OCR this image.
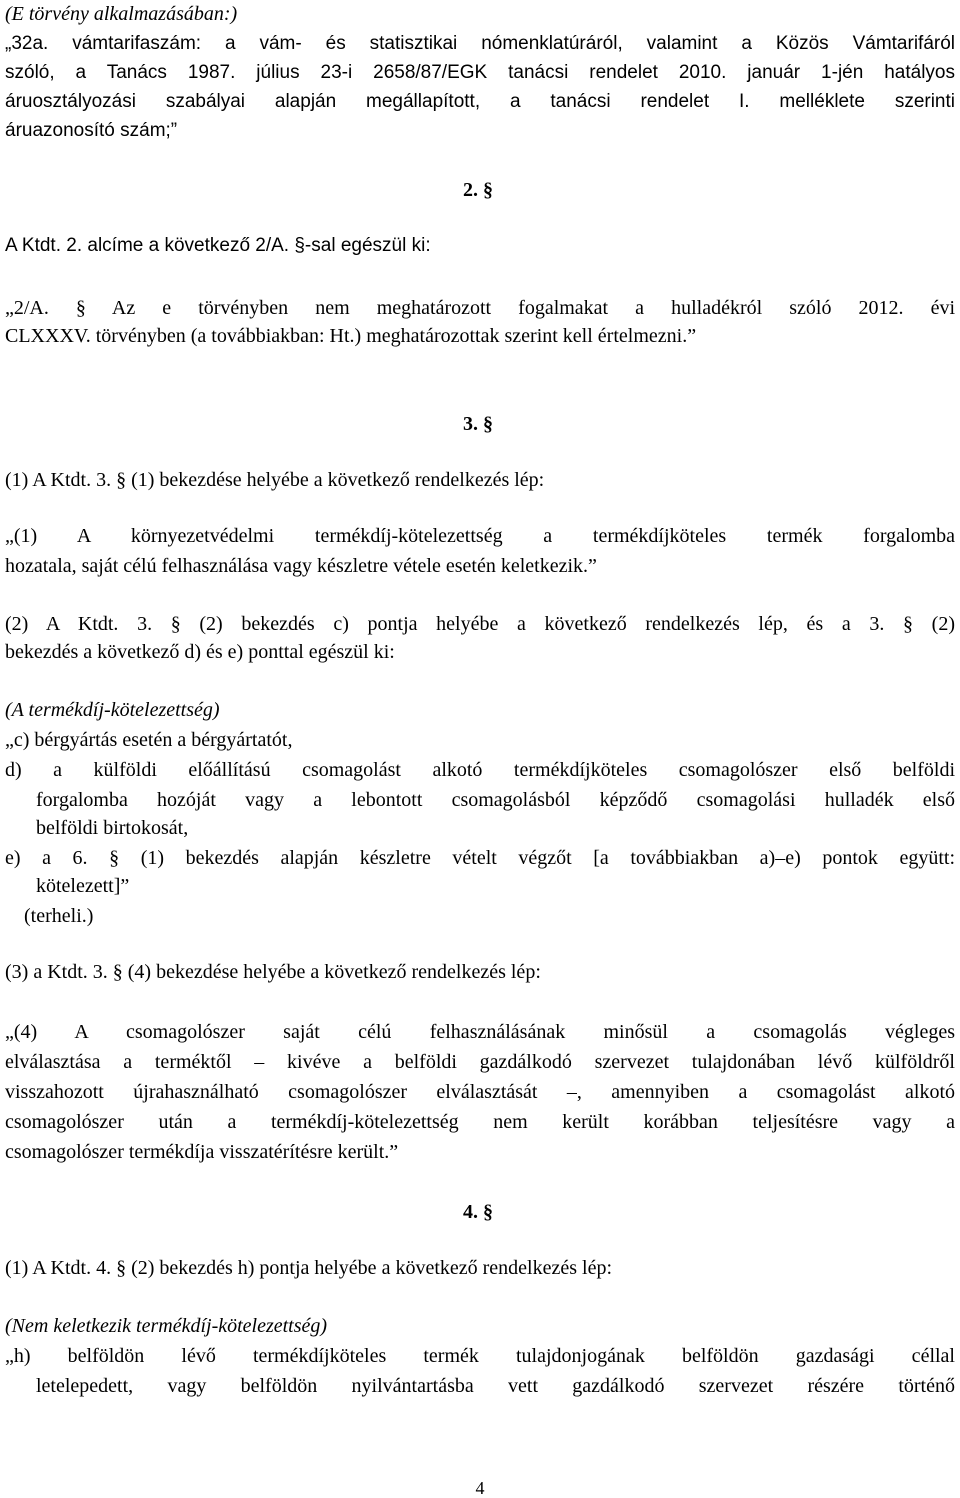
(E törvény alkalmazásában:)
„32a. vámtarifaszám: a vám- és statisztikai nómenklatúráról, valamint a Közös Vámtarifáról
szóló, a Tanács 1987. július 23-i 2658/87/EGK tanácsi rendelet 2010. január 1-jén hatályos
áruosztályozási szabályai alapján megállapított, a tanácsi rendelet I. melléklete szerinti
áruazonosító szám;”
2. §
A Ktdt. 2. alcíme a következő 2/A. §-sal egészül ki:
„2/A. § Az e törvényben nem meghatározott fogalmakat a hulladékról szóló 2012. évi
CLXXXV. törvényben (a továbbiakban: Ht.) meghatározottak szerint kell értelmezni.”
3. §
(1) A Ktdt. 3. § (1) bekezdése helyébe a következő rendelkezés lép:
„(1) A környezetvédelmi termékdíj-kötelezettség a termékdíjköteles termék forgalomba
hozatala, saját célú felhasználása vagy készletre vétele esetén keletkezik.”
(2) A Ktdt. 3. § (2) bekezdés c) pontja helyébe a következő rendelkezés lép, és a 3. § (2)
bekezdés a következő d) és e) ponttal egészül ki:
(A termékdíj-kötelezettség)
„c) bérgyártás esetén a bérgyártatót,
d) a külföldi előállítású csomagolást alkotó termékdíjköteles csomagolószer első belföldi
forgalomba hozóját vagy a lebontott csomagolásból képződő csomagolási hulladék első
belföldi birtokosát,
e) a 6. § (1) bekezdés alapján készletre vételt végzőt [a továbbiakban a)–e) pontok együtt:
kötelezett]”
(terheli.)
(3) a Ktdt. 3. § (4) bekezdése helyébe a következő rendelkezés lép:
„(4) A csomagolószer saját célú felhasználásának minősül a csomagolás végleges
elválasztása a terméktől – kivéve a belföldi gazdálkodó szervezet tulajdonában lévő külföldről
visszahozott újrahasználható csomagolószer elválasztását –, amennyiben a csomagolást alkotó
csomagolószer után a termékdíj-kötelezettség nem került korábban teljesítésre vagy a
csomagolószer termékdíja visszatérítésre került.”
4. §
(1) A Ktdt. 4. § (2) bekezdés h) pontja helyébe a következő rendelkezés lép:
(Nem keletkezik termékdíj-kötelezettség)
„h) belföldön lévő termékdíjköteles termék tulajdonjogának belföldön gazdasági céllal
letelepedett, vagy belföldön nyilvántartásba vett gazdálkodó szervezet részére történő
4
